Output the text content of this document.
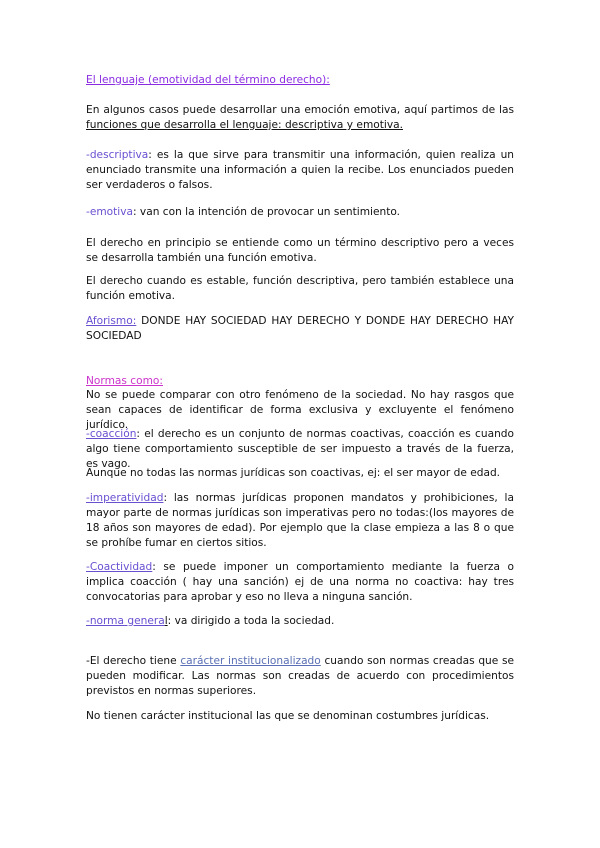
El lenguaje (emotividad del término derecho):

En algunos casos puede desarrollar una emoción emotiva, aquí partimos de las funciones que desarrolla el lenguaje: descriptiva y emotiva.

-descriptiva: es la que sirve para transmitir una información, quien realiza un enunciado transmite una información a quien la recibe. Los enunciados pueden ser verdaderos o falsos.

-emotiva: van con la intención de provocar un sentimiento.

El derecho en principio se entiende como un término descriptivo pero a veces se desarrolla también una función emotiva.

El derecho cuando es estable, función descriptiva, pero también establece una función emotiva.

Aforismo: DONDE HAY SOCIEDAD HAY DERECHO Y DONDE HAY DERECHO HAY SOCIEDAD

Normas como:

No se puede comparar con otro fenómeno de la sociedad. No hay rasgos que sean capaces de identificar de forma exclusiva y excluyente el fenómeno jurídico.

-coacción: el derecho es un conjunto de normas coactivas, coacción es cuando algo tiene comportamiento susceptible de ser impuesto a través de la fuerza, es vago.

Aunque no todas las normas jurídicas son coactivas, ej: el ser mayor de edad.

-imperatividad: las normas jurídicas proponen mandatos y prohibiciones, la mayor parte de normas jurídicas son imperativas pero no todas:(los mayores de 18 años son mayores de edad). Por ejemplo que la clase empieza a las 8 o que se prohíbe fumar en ciertos sitios.

-Coactividad: se puede imponer un comportamiento mediante la fuerza o implica coacción ( hay una sanción) ej de una norma no coactiva: hay tres convocatorias para aprobar y eso no lleva a ninguna sanción.

-norma general: va dirigido a toda la sociedad.

-El derecho tiene carácter institucionalizado cuando son normas creadas que se pueden modificar. Las normas son creadas de acuerdo con procedimientos previstos en normas superiores.

No tienen carácter institucional las que se denominan costumbres jurídicas.
